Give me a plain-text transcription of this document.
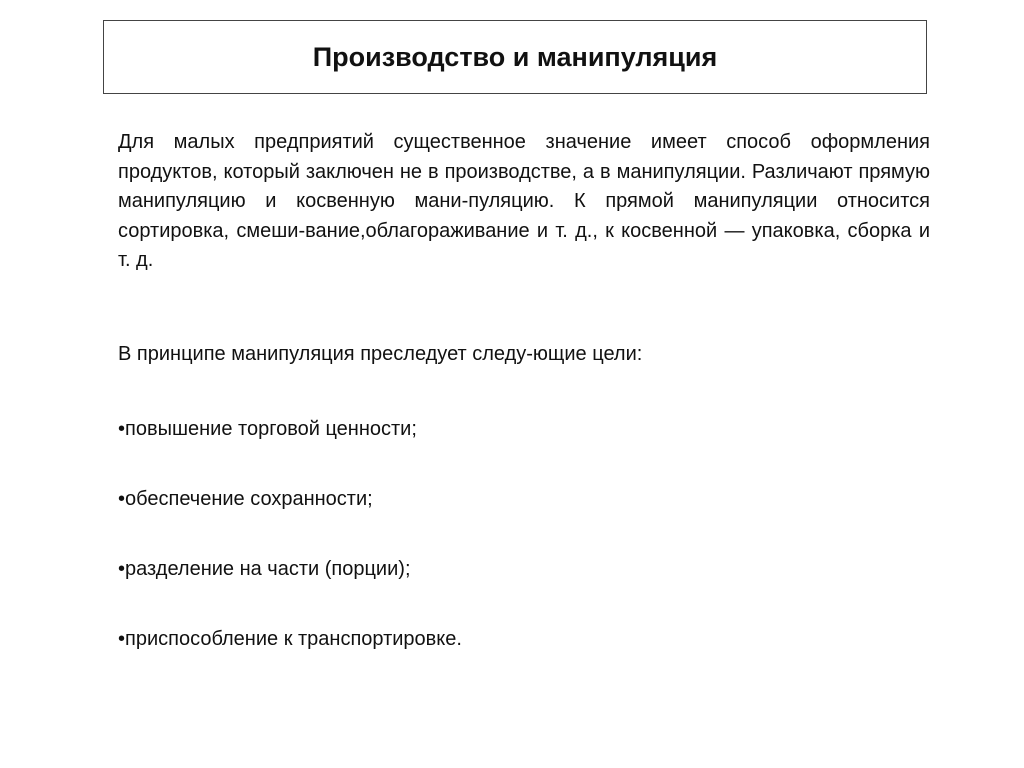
Производство и манипуляция

Для малых предприятий существенное значение имеет способ оформления продуктов, который заключен не в производстве, а в манипуляции. Различают прямую манипуляцию и косвенную мани-пуляцию. К прямой манипуляции относится сортировка, смеши-вание,облагораживание и т. д., к косвенной — упаковка, сборка и т. д.

В принципе манипуляция преследует следу-ющие цели:

•повышение торговой ценности;

•обеспечение сохранности;

•разделение на части (порции);

•приспособление к транспортировке.
